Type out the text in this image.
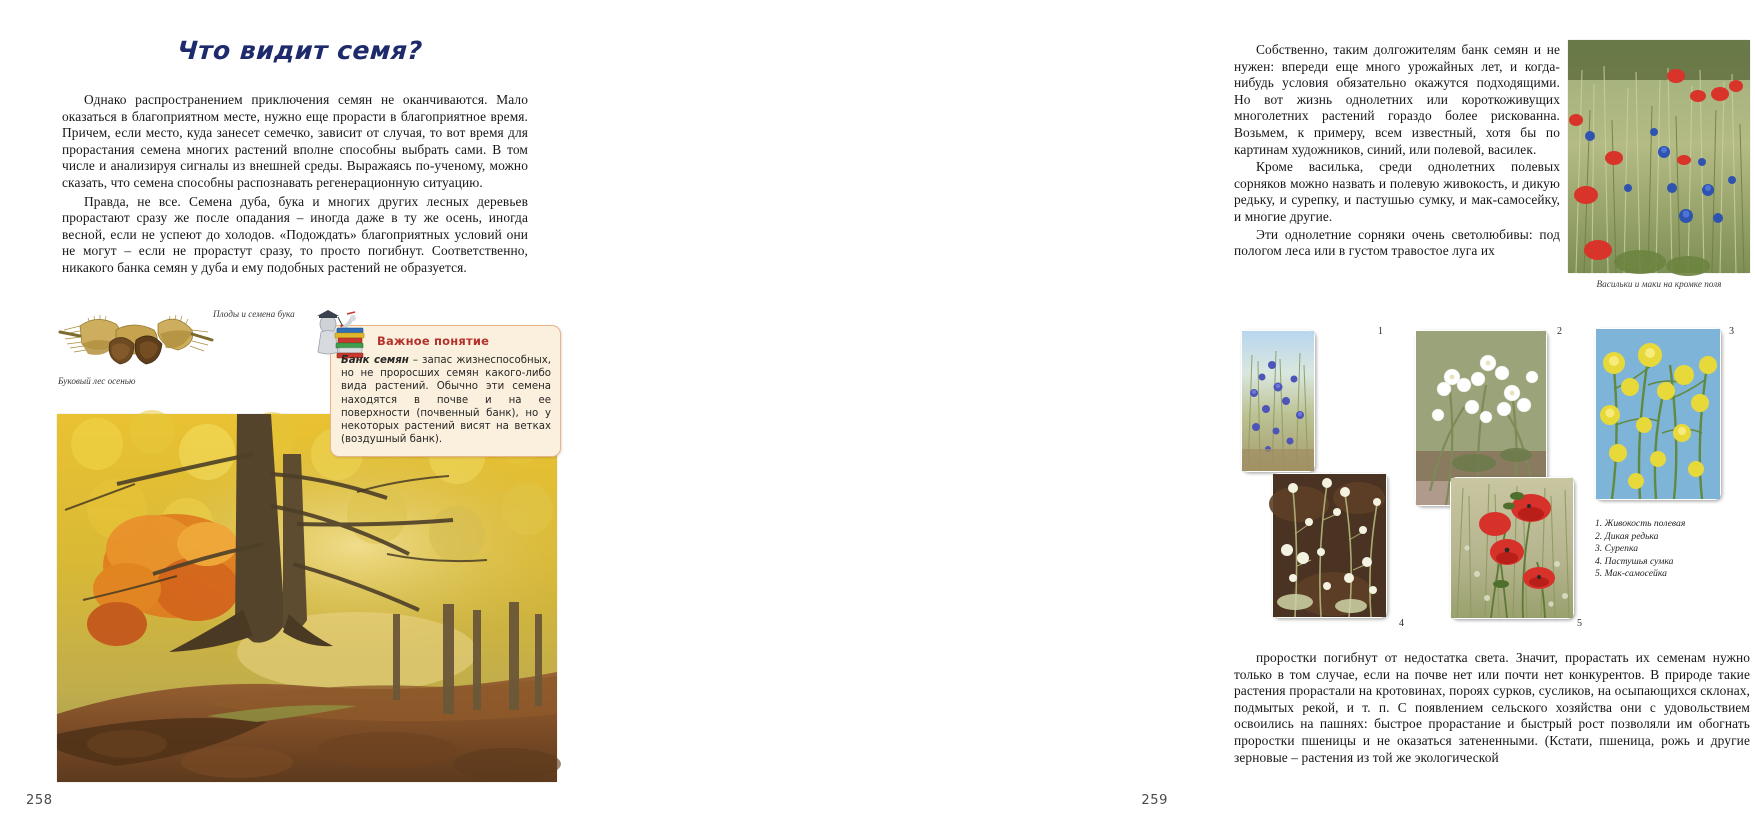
Что видит семя?

Однако распространением приключения семян не оканчиваются. Мало оказаться в благоприятном месте, нужно еще прорасти в благоприятное время. Причем, если место, куда занесет семечко, зависит от случая, то вот время для прорастания семена многих растений вполне способны выбрать сами. В том числе и анализируя сигналы из внешней среды. Выражаясь по-ученому, можно сказать, что семена способны распознавать регенерационную ситуацию.

Правда, не все. Семена дуба, бука и многих других лесных деревьев прорастают сразу же после опадания – иногда даже в ту же осень, иногда весной, если не успеют до холодов. «Подождать» благоприятных условий они не могут – если не прорастут сразу, то просто погибнут. Соответственно, никакого банка семян у дуба и ему подобных растений не образуется.

Плоды и семена бука
Буковый лес осенью
Важное понятие
Банк семян – запас жизнеспособных, но не проросших семян какого-либо вида растений. Обычно эти семена находятся в почве и на ее поверхности (почвенный банк), но у некоторых растений висят на ветках (воздушный банк).
258

Собственно, таким долгожителям банк семян и не нужен: впереди еще много урожайных лет, и когда-нибудь условия обязательно окажутся подходящими. Но вот жизнь однолетних или короткоживущих многолетних растений гораздо более рискованна. Возьмем, к примеру, всем известный, хотя бы по картинам художников, синий, или полевой, василек.

Кроме василька, среди однолетних полевых сорняков можно назвать и полевую живокость, и дикую редьку, и сурепку, и пастушью сумку, и мак-самосейку, и многие другие.

Эти однолетние сорняки очень светолюбивы: под пологом леса или в густом травостое луга их

Васильки и маки на кромке поля
1	2	3
4	5
1. Живокость полевая
2. Дикая редька
3. Сурепка
4. Пастушья сумка
5. Мак-самосейка

проростки погибнут от недостатка света. Значит, прорастать их семенам нужно только в том случае, если на почве нет или почти нет конкурентов. В природе такие растения прорастали на кротовинах, пороях сурков, сусликов, на осыпающихся склонах, подмытых рекой, и т. п. С появлением сельского хозяйства они с удовольствием освоились на пашнях: быстрое прорастание и быстрый рост позволяли им обогнать проростки пшеницы и не оказаться затененными. (Кстати, пшеница, рожь и другие зерновые – растения из той же экологической

259
